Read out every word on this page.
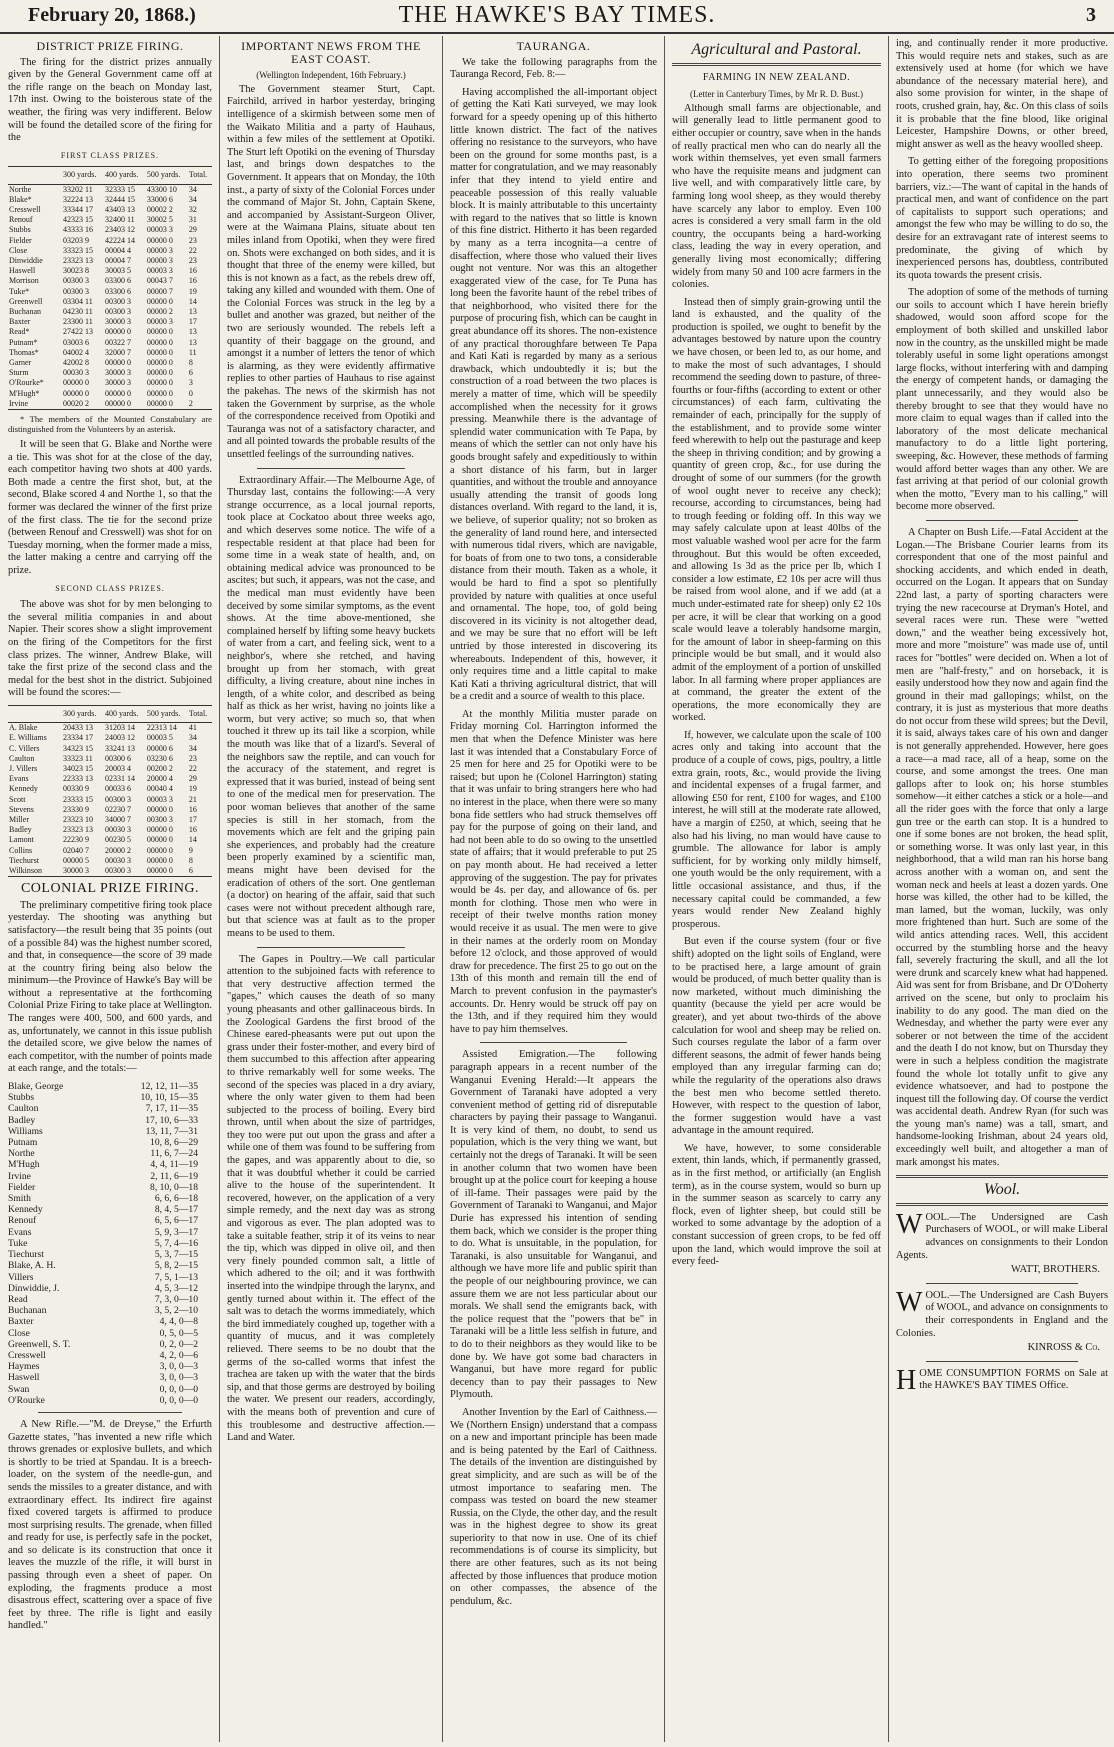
February 20, 1868.)	THE HAWKE'S BAY TIMES.	3
DISTRICT PRIZE FIRING.

The firing for the district prizes annually given by the General Government came off at the rifle range on the beach on Monday last, 17th inst. Owing to the boisterous state of the weather, the firing was very indifferent. Below will be found the detailed score of the firing for the

FIRST CLASS PRIZES.
	300 yards.	400 yards.	500 yards.	Total.
Northe	33202 11	32333 15	43300 10	34
Blake*	32224 13	32444 15	33000 6	34
Cresswell	33344 17	43403 13	00002 2	32
Renouf	42323 15	32400 11	30002 5	31
Stubbs	43333 16	23403 12	00003 3	29
Fielder	03203 9	42224 14	00000 0	23
Close	33323 15	00004 4	00000 3	22
Dinwiddie	23323 13	00004 7	00000 3	23
Haswell	30023 8	30003 5	00003 3	16
Morrison	00300 3	03300 6	00043 7	16
Tuke*	00300 3	03300 6	00000 7	19
Greenwell	03304 11	00300 3	00000 0	14
Buchanan	04230 11	00300 3	00000 2	13
Baxter	23300 11	30000 3	00000 3	17
Read*	27422 13	00000 0	00000 0	13
Putnam*	03003 6	00322 7	00000 0	13
Thomas*	04002 4	32000 7	00000 0	11
Garner	42002 8	00000 0	00000 0	8
Sturm	00030 3	30000 3	00000 0	6
O'Rourke*	00000 0	30000 3	00000 0	3
M'Hugh*	00000 0	00000 0	00000 0	0
Irvine	00020 2	00000 0	00000 0	2

* The members of the Mounted Constabulary are distinguished from the Volunteers by an asterisk.

It will be seen that G. Blake and Northe were a tie. This was shot for at the close of the day, each competitor having two shots at 400 yards. Both made a centre the first shot, but, at the second, Blake scored 4 and Northe 1, so that the former was declared the winner of the first prize of the first class. The tie for the second prize (between Renouf and Cresswell) was shot for on Tuesday morning, when the former made a miss, the latter making a centre and carrying off the prize.

SECOND CLASS PRIZES.

The above was shot for by men belonging to the several militia companies in and about Napier. Their scores show a slight improvement on the firing of the Competitors for the first class prizes. The winner, Andrew Blake, will take the first prize of the second class and the medal for the best shot in the district. Subjoined will be found the scores:—

	300 yards.	400 yards.	500 yards.	Total.
A. Blake	20433 13	31203 14	22313 14	41
E. Williams	23334 17	24003 12	00003 5	34
C. Villers	34323 15	33241 13	00000 6	34
Caulton	33323 11	00300 6	03230 6	23
J. Villers	34023 15	20003 4	00200 2	22
Evans	22333 13	02331 14	20000 4	29
Kennedy	00330 9	00033 6	00040 4	19
Scott	23333 15	00300 3	00003 3	21
Stevens	23330 9	02230 7	00000 0	16
Miller	23323 10	34000 7	00300 3	17
Badley	23323 13	00030 3	00000 0	16
Lamont	22230 9	00230 5	00000 0	14
Collins	02040 7	20000 2	00000 0	9
Tiechurst	00000 5	00030 3	00000 0	8
Wilkinson	30000 3	00300 3	00000 0	6
COLONIAL PRIZE FIRING.

The preliminary competitive firing took place yesterday. The shooting was anything but satisfactory—the result being that 35 points (out of a possible 84) was the highest number scored, and that, in consequence—the score of 39 made at the country firing being also below the minimum—the Province of Hawke's Bay will be without a representative at the forthcoming Colonial Prize Firing to take place at Wellington. The ranges were 400, 500, and 600 yards, and as, unfortunately, we cannot in this issue publish the detailed score, we give below the names of each competitor, with the number of points made at each range, and the totals:—

Blake, George	12, 12, 11—35
Stubbs	10, 10, 15—35
Caulton	7, 17, 11—35
Badley	17, 10, 6—33
Williams	13, 11, 7—31
Putnam	10, 8, 6—29
Northe	11, 6, 7—24
M'Hugh	4, 4, 11—19
Irvine	2, 11, 6—19
Fielder	8, 10, 0—18
Smith	6, 6, 6—18
Kennedy	8, 4, 5—17
Renouf	6, 5, 6—17
Evans	5, 9, 3—17
Tuke	5, 7, 4—16
Tiechurst	5, 3, 7—15
Blake, A. H.	5, 8, 2—15
Villers	7, 5, 1—13
Dinwiddie, J.	4, 5, 3—12
Read	7, 3, 0—10
Buchanan	3, 5, 2—10
Baxter	4, 4, 0—8
Close	0, 5, 0—5
Greenwell, S. T.	0, 2, 0—2
Cresswell	4, 2, 0—6
Haymes	3, 0, 0—3
Haswell	3, 0, 0—3
Swan	0, 0, 0—0
O'Rourke	0, 0, 0—0

A New Rifle.—"M. de Dreyse," the Erfurth Gazette states, "has invented a new rifle which throws grenades or explosive bullets, and which is shortly to be tried at Spandau. It is a breech-loader, on the system of the needle-gun, and sends the missiles to a greater distance, and with extraordinary effect. Its indirect fire against fixed covered targets is affirmed to produce most surprising results. The grenade, when filled and ready for use, is perfectly safe in the pocket, and so delicate is its construction that once it leaves the muzzle of the rifle, it will burst in passing through even a sheet of paper. On exploding, the fragments produce a most disastrous effect, scattering over a space of five feet by three. The rifle is light and easily handled."

IMPORTANT NEWS FROM THE EAST COAST.
(Wellington Independent, 16th February.)

The Government steamer Sturt, Capt. Fairchild, arrived in harbor yesterday, bringing intelligence of a skirmish between some men of the Waikato Militia and a party of Hauhaus, within a few miles of the settlement at Opotiki. The Sturt left Opotiki on the evening of Thursday last, and brings down despatches to the Government. It appears that on Monday, the 10th inst., a party of sixty of the Colonial Forces under the command of Major St. John, Captain Skene, and accompanied by Assistant-Surgeon Oliver, were at the Waimana Plains, situate about ten miles inland from Opotiki, when they were fired on. Shots were exchanged on both sides, and it is thought that three of the enemy were killed, but this is not known as a fact, as the rebels drew off, taking any killed and wounded with them. One of the Colonial Forces was struck in the leg by a bullet and another was grazed, but neither of the two are seriously wounded. The rebels left a quantity of their baggage on the ground, and amongst it a number of letters the tenor of which is alarming, as they were evidently affirmative replies to other parties of Hauhaus to rise against the pakehas. The news of the skirmish has not taken the Government by surprise, as the whole of the correspondence received from Opotiki and Tauranga was not of a satisfactory character, and and all pointed towards the probable results of the unsettled feelings of the surrounding natives.

Extraordinary Affair.—The Melbourne Age, of Thursday last, contains the following:—A very strange occurrence, as a local journal reports, took place at Cockatoo about three weeks ago, and which deserves some notice. The wife of a respectable resident at that place had been for some time in a weak state of health, and, on obtaining medical advice was pronounced to be ascites; but such, it appears, was not the case, and the medical man must evidently have been deceived by some similar symptoms, as the event shows. At the time above-mentioned, she complained herself by lifting some heavy buckets of water from a cart, and feeling sick, went to a neighbor's, where she retched, and having brought up from her stomach, with great difficulty, a living creature, about nine inches in length, of a white color, and described as being half as thick as her wrist, having no joints like a worm, but very active; so much so, that when touched it threw up its tail like a scorpion, while the mouth was like that of a lizard's. Several of the neighbors saw the reptile, and can vouch for the accuracy of the statement, and regret is expressed that it was buried, instead of being sent to one of the medical men for preservation. The poor woman believes that another of the same species is still in her stomach, from the movements which are felt and the griping pain she experiences, and probably had the creature been properly examined by a scientific man, means might have been devised for the eradication of others of the sort. One gentleman (a doctor) on hearing of the affair, said that such cases were not without precedent although rare, but that science was at fault as to the proper means to be used to them.

The Gapes in Poultry.—We call particular attention to the subjoined facts with reference to that very destructive affection termed the "gapes," which causes the death of so many young pheasants and other gallinaceous birds. In the Zoological Gardens the first brood of the Chinese eared-pheasants were put out upon the grass under their foster-mother, and every bird of them succumbed to this affection after appearing to thrive remarkably well for some weeks. The second of the species was placed in a dry aviary, where the only water given to them had been subjected to the process of boiling. Every bird thrown, until when about the size of partridges, they too were put out upon the grass and after a while one of them was found to be suffering from the gapes, and was apparently about to die, so that it was doubtful whether it could be carried alive to the house of the superintendent. It recovered, however, on the application of a very simple remedy, and the next day was as strong and vigorous as ever. The plan adopted was to take a suitable feather, strip it of its veins to near the tip, which was dipped in olive oil, and then very finely pounded common salt, a little of which adhered to the oil; and it was forthwith inserted into the windpipe through the larynx, and gently turned about within it. The effect of the salt was to detach the worms immediately, which the bird immediately coughed up, together with a quantity of mucus, and it was completely relieved. There seems to be no doubt that the germs of the so-called worms that infest the trachea are taken up with the water that the birds sip, and that those germs are destroyed by boiling the water. We present our readers, accordingly, with the means both of prevention and cure of this troublesome and destructive affection.—Land and Water.

TAURANGA.

We take the following paragraphs from the Tauranga Record, Feb. 8:—

Having accomplished the all-important object of getting the Kati Kati surveyed, we may look forward for a speedy opening up of this hitherto little known district. The fact of the natives offering no resistance to the surveyors, who have been on the ground for some months past, is a matter for congratulation, and we may reasonably infer that they intend to yield entire and peaceable possession of this really valuable block. It is mainly attributable to this uncertainty with regard to the natives that so little is known of this fine district. Hitherto it has been regarded by many as a terra incognita—a centre of disaffection, where those who valued their lives ought not venture. Nor was this an altogether exaggerated view of the case, for Te Puna has long been the favorite haunt of the rebel tribes of that neighborhood, who visited there for the purpose of procuring fish, which can be caught in great abundance off its shores. The non-existence of any practical thoroughfare between Te Papa and Kati Kati is regarded by many as a serious drawback, which undoubtedly it is; but the construction of a road between the two places is merely a matter of time, which will be speedily accomplished when the necessity for it grows pressing. Meanwhile there is the advantage of splendid water communication with Te Papa, by means of which the settler can not only have his goods brought safely and expeditiously to within a short distance of his farm, but in larger quantities, and without the trouble and annoyance usually attending the transit of goods long distances overland. With regard to the land, it is, we believe, of superior quality; not so broken as the generality of land round here, and intersected with numerous tidal rivers, which are navigable, for boats of from one to two tons, a considerable distance from their mouth. Taken as a whole, it would be hard to find a spot so plentifully provided by nature with qualities at once useful and ornamental. The hope, too, of gold being discovered in its vicinity is not altogether dead, and we may be sure that no effort will be left untried by those interested in discovering its whereabouts. Independent of this, however, it only requires time and a little capital to make Kati Kati a thriving agricultural district, that will be a credit and a source of wealth to this place.

At the monthly Militia muster parade on Friday morning Col. Harrington informed the men that when the Defence Minister was here last it was intended that a Constabulary Force of 25 men for here and 25 for Opotiki were to be raised; but upon he (Colonel Harrington) stating that it was unfair to bring strangers here who had no interest in the place, when there were so many bona fide settlers who had struck themselves off pay for the purpose of going on their land, and had not been able to do so owing to the unsettled state of affairs; that it would preferable to put 25 on pay month about. He had received a letter approving of the suggestion. The pay for privates would be 4s. per day, and allowance of 6s. per month for clothing. Those men who were in receipt of their twelve months ration money would receive it as usual. The men were to give in their names at the orderly room on Monday before 12 o'clock, and those approved of would draw for precedence. The first 25 to go out on the 13th of this month and remain till the end of March to prevent confusion in the paymaster's accounts. Dr. Henry would be struck off pay on the 13th, and if they required him they would have to pay him themselves.

Assisted Emigration.—The following paragraph appears in a recent number of the Wanganui Evening Herald:—It appears the Government of Taranaki have adopted a very convenient method of getting rid of disreputable characters by paying their passage to Wanganui. It is very kind of them, no doubt, to send us population, which is the very thing we want, but certainly not the dregs of Taranaki. It will be seen in another column that two women have been brought up at the police court for keeping a house of ill-fame. Their passages were paid by the Government of Taranaki to Wanganui, and Major Durie has expressed his intention of sending them back, which we consider is the proper thing to do. What is unsuitable, in the population, for Taranaki, is also unsuitable for Wanganui, and although we have more life and public spirit than the people of our neighbouring province, we can assure them we are not less particular about our morals. We shall send the emigrants back, with the police request that the "powers that be" in Taranaki will be a little less selfish in future, and to do to their neighbors as they would like to be done by. We have got some bad characters in Wanganui, but have more regard for public decency than to pay their passages to New Plymouth.

Another Invention by the Earl of Caithness.—We (Northern Ensign) understand that a compass on a new and important principle has been made and is being patented by the Earl of Caithness. The details of the invention are distinguished by great simplicity, and are such as will be of the utmost importance to seafaring men. The compass was tested on board the new steamer Russia, on the Clyde, the other day, and the result was in the highest degree to show its great superiority to that now in use. One of its chief recommendations is of course its simplicity, but there are other features, such as its not being affected by those influences that produce motion on other compasses, the absence of the pendulum, &c.

Agricultural and Pastoral.
FARMING IN NEW ZEALAND.
(Letter in Canterbury Times, by Mr R. D. Bust.)

Although small farms are objectionable, and will generally lead to little permanent good to either occupier or country, save when in the hands of really practical men who can do nearly all the work within themselves, yet even small farmers who have the requisite means and judgment can live well, and with comparatively little care, by farming long wool sheep, as they would thereby have scarcely any labor to employ. Even 100 acres is considered a very small farm in the old country, the occupants being a hard-working class, leading the way in every operation, and generally living most economically; differing widely from many 50 and 100 acre farmers in the colonies.

Instead then of simply grain-growing until the land is exhausted, and the quality of the production is spoiled, we ought to benefit by the advantages bestowed by nature upon the country we have chosen, or been led to, as our home, and to make the most of such advantages, I should recommend the seeding down to pasture, of three-fourths or four-fifths (according to extent or other circumstances) of each farm, cultivating the remainder of each, principally for the supply of the establishment, and to provide some winter feed wherewith to help out the pasturage and keep the sheep in thriving condition; and by growing a quantity of green crop, &c., for use during the drought of some of our summers (for the growth of wool ought never to receive any check); recourse, according to circumstances, being had to trough feeding or folding off. In this way we may safely calculate upon at least 40lbs of the most valuable washed wool per acre for the farm throughout. But this would be often exceeded, and allowing 1s 3d as the price per lb, which I consider a low estimate, £2 10s per acre will thus be raised from wool alone, and if we add (at a much under-estimated rate for sheep) only £2 10s per acre, it will be clear that working on a good scale would leave a tolerably handsome margin, for the amount of labor in sheep-farming on this principle would be but small, and it would also admit of the employment of a portion of unskilled labor. In all farming where proper appliances are at command, the greater the extent of the operations, the more economically they are worked.

If, however, we calculate upon the scale of 100 acres only and taking into account that the produce of a couple of cows, pigs, poultry, a little extra grain, roots, &c., would provide the living and incidental expenses of a frugal farmer, and allowing £50 for rent, £100 for wages, and £100 interest, he will still at the moderate rate allowed, have a margin of £250, at which, seeing that he also had his living, no man would have cause to grumble. The allowance for labor is amply sufficient, for by working only mildly himself, one youth would be the only requirement, with a little occasional assistance, and thus, if the necessary capital could be commanded, a few years would render New Zealand highly prosperous.

But even if the course system (four or five shift) adopted on the light soils of England, were to be practised here, a large amount of grain would be produced, of much better quality than is now marketed, without much diminishing the quantity (because the yield per acre would be greater), and yet about two-thirds of the above calculation for wool and sheep may be relied on. Such courses regulate the labor of a farm over different seasons, the admit of fewer hands being employed than any irregular farming can do; while the regularity of the operations also draws the best men who become settled thereto. However, with respect to the question of labor, the former suggestion would have a vast advantage in the amount required.

We have, however, to some considerable extent, thin lands, which, if permanently grassed, as in the first method, or artificially (an English term), as in the course system, would so burn up in the summer season as scarcely to carry any flock, even of lighter sheep, but could still be worked to some advantage by the adoption of a constant succession of green crops, to be fed off upon the land, which would improve the soil at every feed-

ing, and continually render it more productive. This would require nets and stakes, such as are extensively used at home (for which we have abundance of the necessary material here), and also some provision for winter, in the shape of roots, crushed grain, hay, &c. On this class of soils it is probable that the fine blood, like original Leicester, Hampshire Downs, or other breed, might answer as well as the heavy woolled sheep.

To getting either of the foregoing propositions into operation, there seems two prominent barriers, viz.:—The want of capital in the hands of practical men, and want of confidence on the part of capitalists to support such operations; and amongst the few who may be willing to do so, the desire for an extravagant rate of interest seems to predominate, the giving of which by inexperienced persons has, doubtless, contributed its quota towards the present crisis.

The adoption of some of the methods of turning our soils to account which I have herein briefly shadowed, would soon afford scope for the employment of both skilled and unskilled labor now in the country, as the unskilled might be made tolerably useful in some light operations amongst large flocks, without interfering with and damping the energy of competent hands, or damaging the plant unnecessarily, and they would also be thereby brought to see that they would have no more claim to equal wages than if called into the laboratory of the most delicate mechanical manufactory to do a little light portering, sweeping, &c. However, these methods of farming would afford better wages than any other. We are fast arriving at that period of our colonial growth when the motto, "Every man to his calling," will become more observed.

A Chapter on Bush Life.—Fatal Accident at the Logan.—The Brisbane Courier learns from its correspondent that one of the most painful and shocking accidents, and which ended in death, occurred on the Logan. It appears that on Sunday 22nd last, a party of sporting characters were trying the new racecourse at Dryman's Hotel, and several races were run. These were "wetted down," and the weather being excessively hot, more and more "moisture" was made use of, until races for "bottles" were decided on. When a lot of men are "half-fresty," and on horseback, it is easily understood how they now and again find the ground in their mad gallopings; whilst, on the contrary, it is just as mysterious that more deaths do not occur from these wild sprees; but the Devil, it is said, always takes care of his own and danger is not generally apprehended. However, here goes a race—a mad race, all of a heap, some on the course, and some amongst the trees. One man gallops after to look on; his horse stumbles somehow—it either catches a stick or a hole—and all the rider goes with the force that only a large gun tree or the earth can stop. It is a hundred to one if some bones are not broken, the head split, or something worse. It was only last year, in this neighborhood, that a wild man ran his horse bang across another with a woman on, and sent the woman neck and heels at least a dozen yards. One horse was killed, the other had to be killed, the man lamed, but the woman, luckily, was only more frightened than hurt. Such are some of the wild antics attending races. Well, this accident occurred by the stumbling horse and the heavy fall, severely fracturing the skull, and all the lot were drunk and scarcely knew what had happened. Aid was sent for from Brisbane, and Dr O'Doherty arrived on the scene, but only to proclaim his inability to do any good. The man died on the Wednesday, and whether the party were ever any soberer or not between the time of the accident and the death I do not know, but on Thursday they were in such a helpless condition the magistrate found the whole lot totally unfit to give any evidence whatsoever, and had to postpone the inquest till the following day. Of course the verdict was accidental death. Andrew Ryan (for such was the young man's name) was a tall, smart, and handsome-looking Irishman, about 24 years old, exceedingly well built, and altogether a man of mark amongst his mates.

Wool.
W OOL.—The Undersigned are Cash Purchasers of WOOL, or will make Liberal advances on consignments to their London Agents.
WATT, BROTHERS.
W OOL.—The Undersigned are Cash Buyers of WOOL, and advance on consignments to their correspondents in England and the Colonies.
KINROSS & Co.
H OME CONSUMPTION FORMS on Sale at the HAWKE'S BAY TIMES Office.
